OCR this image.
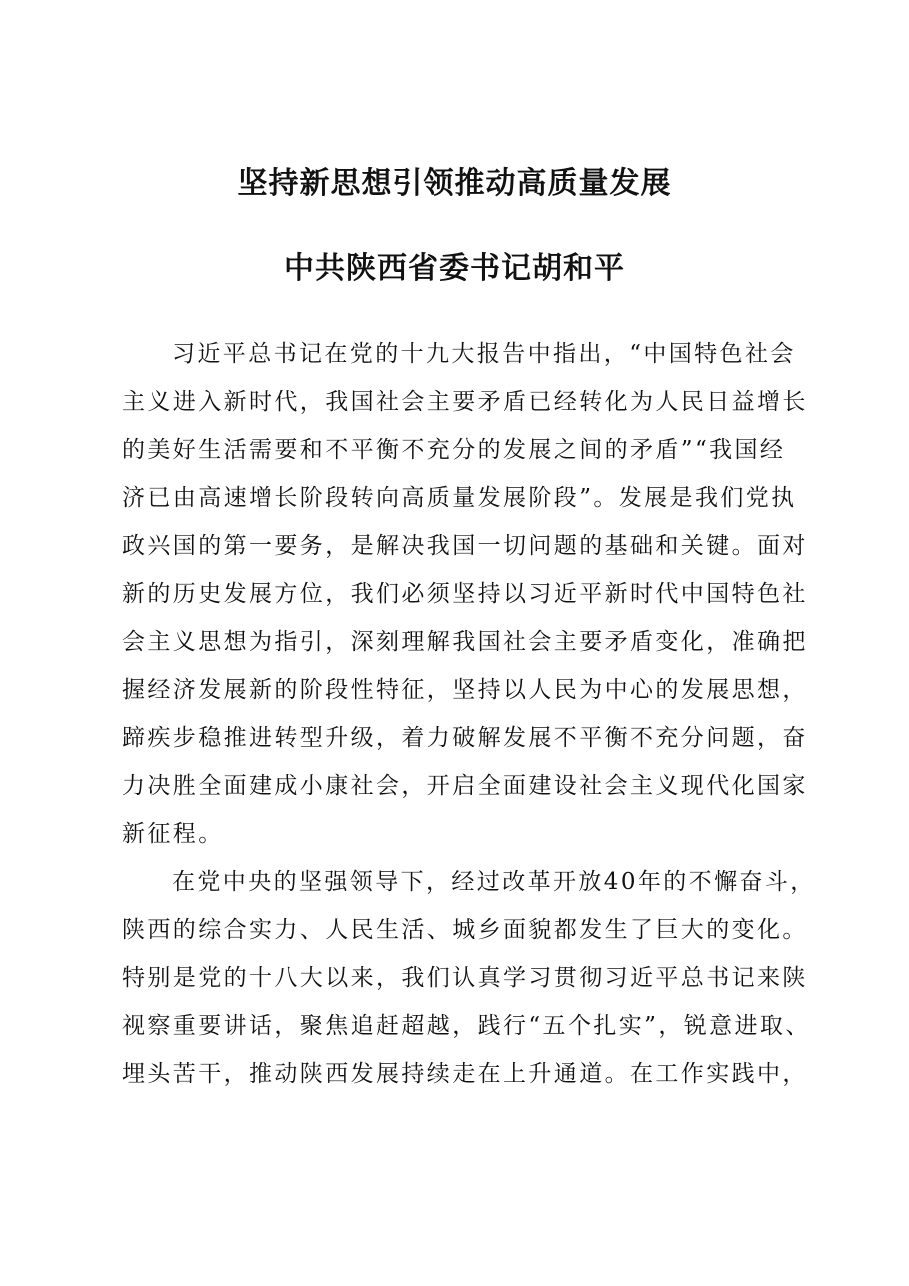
坚持新思想引领推动高质量发展
中共陕西省委书记胡和平
习近平总书记在党的十九大报告中指出，“中国特色社会
主义进入新时代，我国社会主要矛盾已经转化为人民日益增长
的美好生活需要和不平衡不充分的发展之间的矛盾”“我国经
济已由高速增长阶段转向高质量发展阶段”。发展是我们党执
政兴国的第一要务，是解决我国一切问题的基础和关键。面对
新的历史发展方位，我们必须坚持以习近平新时代中国特色社
会主义思想为指引，深刻理解我国社会主要矛盾变化，准确把
握经济发展新的阶段性特征，坚持以人民为中心的发展思想，
蹄疾步稳推进转型升级，着力破解发展不平衡不充分问题，奋
力决胜全面建成小康社会，开启全面建设社会主义现代化国家
新征程。
在党中央的坚强领导下，经过改革开放40年的不懈奋斗，
陕西的综合实力、人民生活、城乡面貌都发生了巨大的变化。
特别是党的十八大以来，我们认真学习贯彻习近平总书记来陕
视察重要讲话，聚焦追赶超越，践行“五个扎实”，锐意进取、
埋头苦干，推动陕西发展持续走在上升通道。在工作实践中，
